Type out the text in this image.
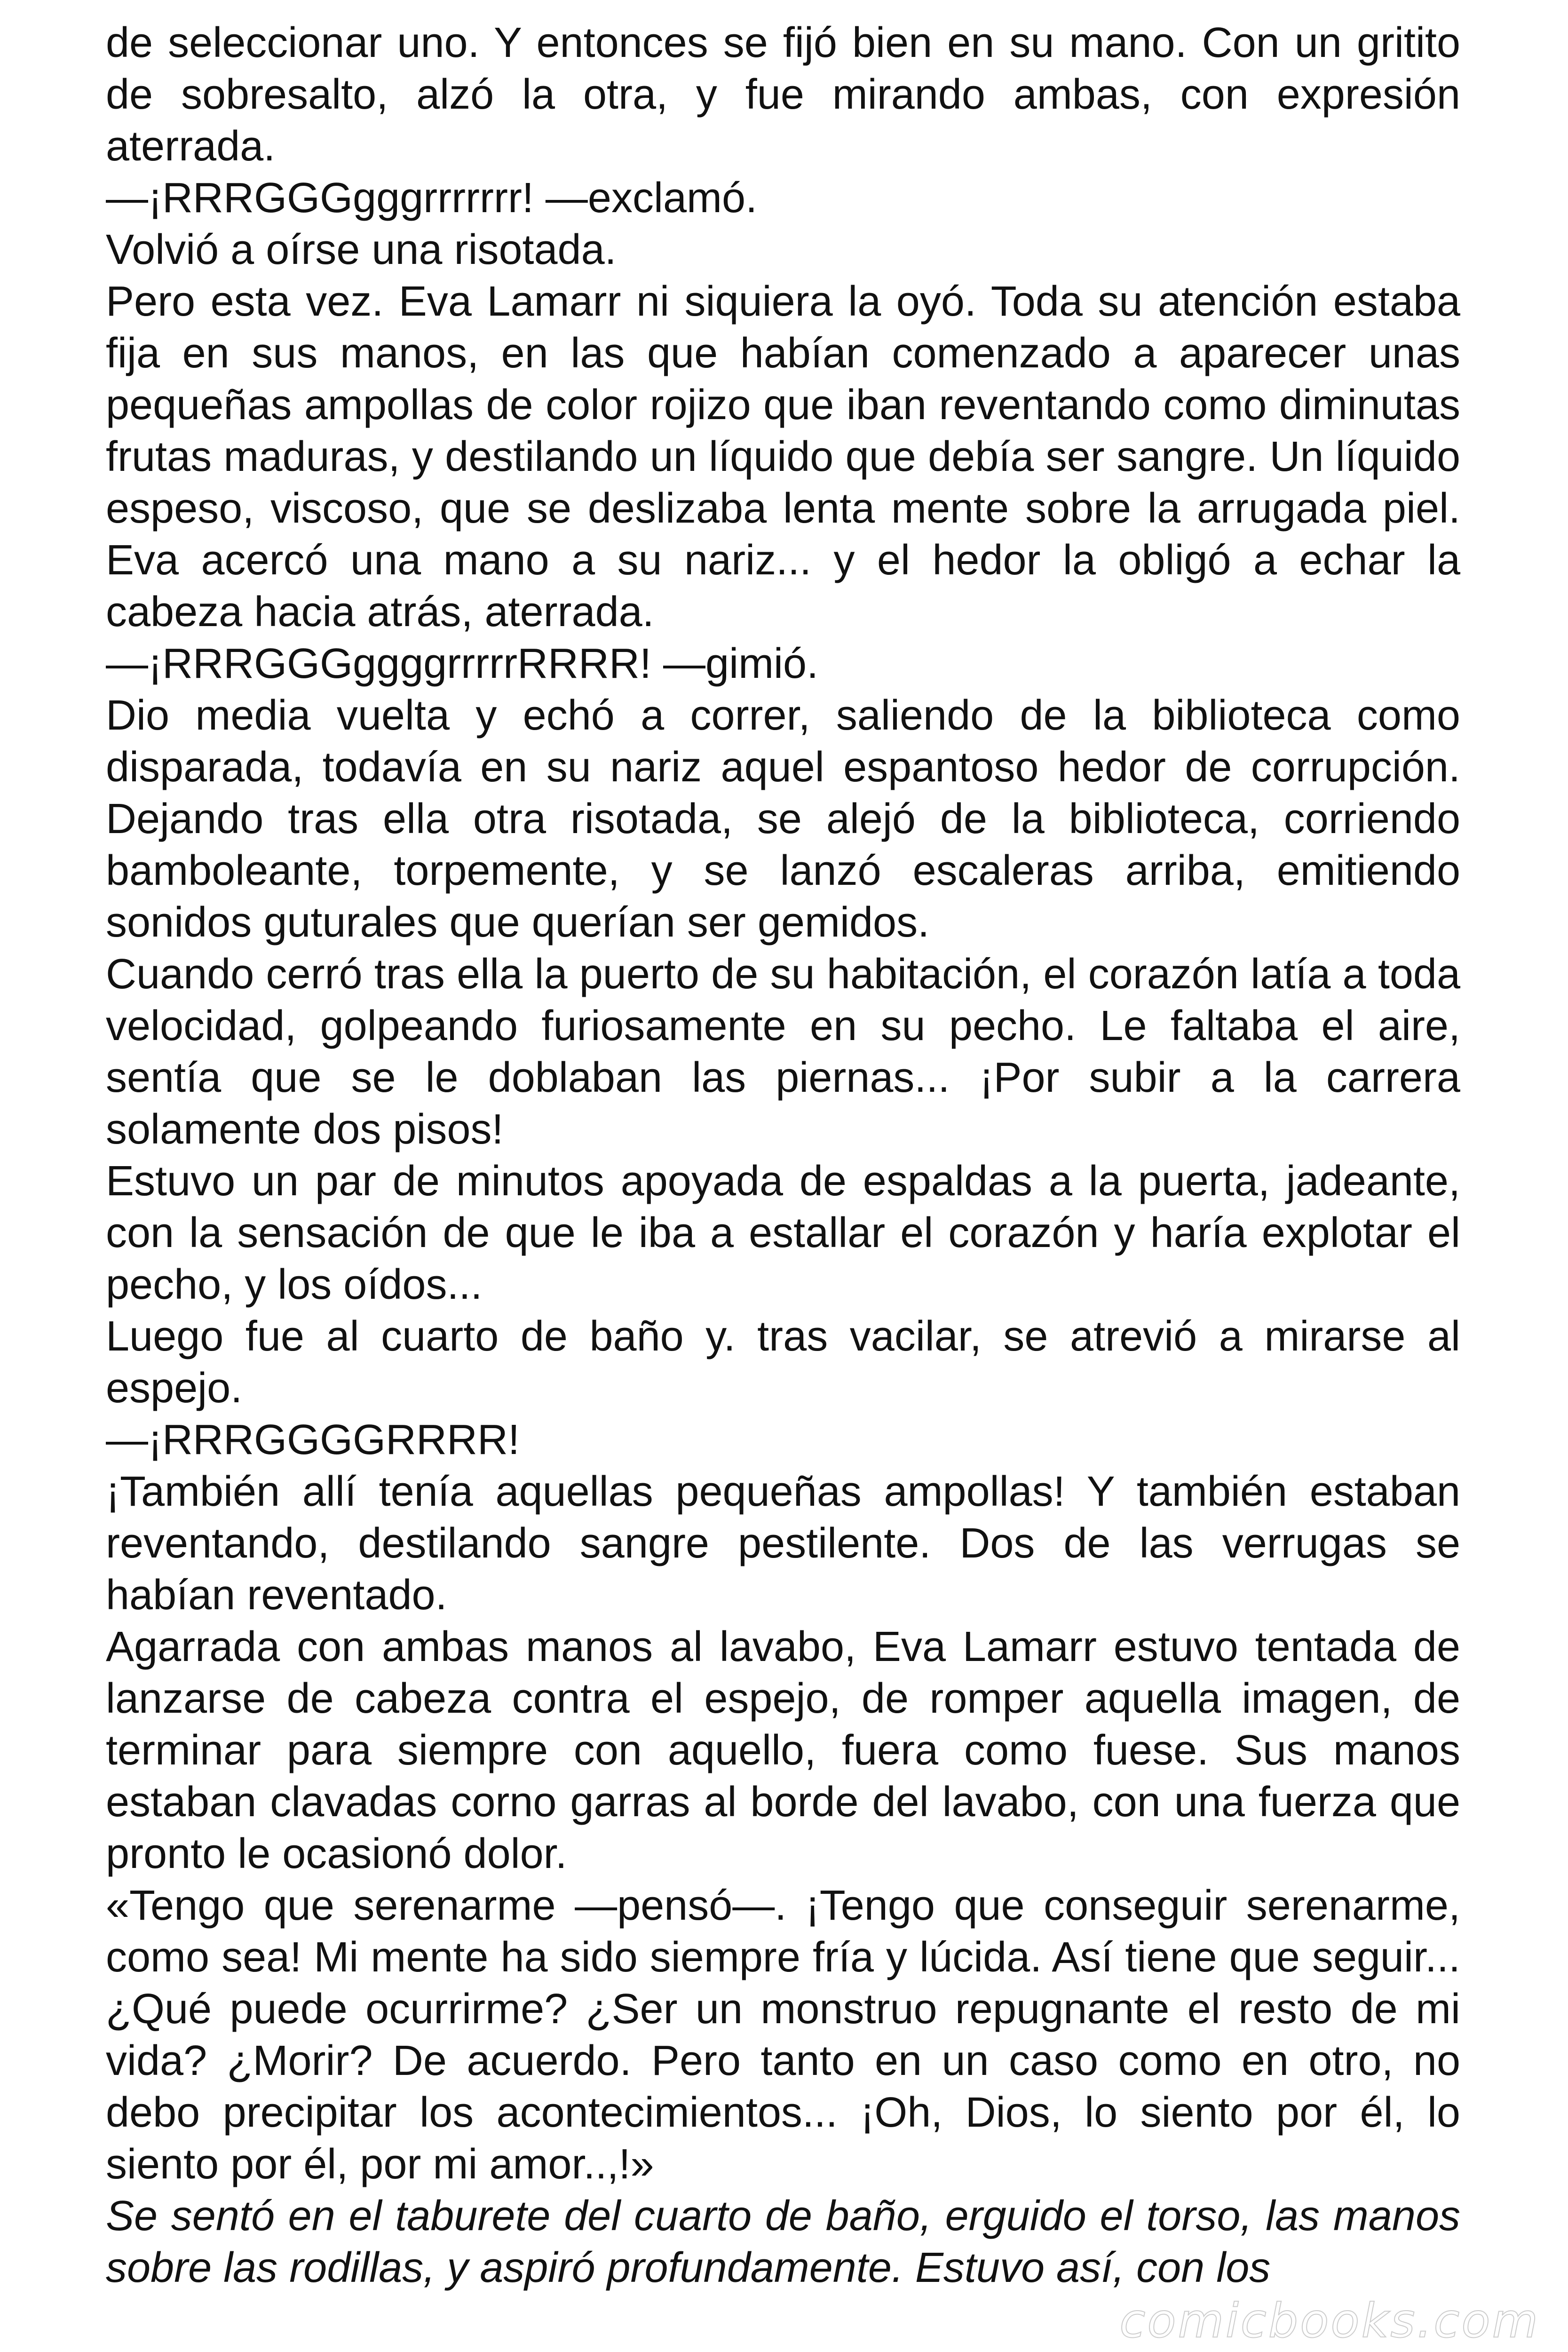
de seleccionar uno. Y entonces se fijó bien en su mano. Con un gritito de sobresalto, alzó la otra, y fue mirando ambas, con expresión aterrada.

—¡RRRGGGgggrrrrrrr! —exclamó.

Volvió a oírse una risotada.

Pero esta vez. Eva Lamarr ni siquiera la oyó. Toda su atención estaba fija en sus manos, en las que habían comenzado a aparecer unas pequeñas ampollas de color rojizo que iban reventando como diminutas frutas maduras, y destilando un líquido que debía ser sangre. Un líquido espeso, viscoso, que se deslizaba lenta mente sobre la arrugada piel. Eva acercó una mano a su nariz... y el hedor la obligó a echar la cabeza hacia atrás, aterrada.

—¡RRRGGGggggrrrrrRRRR! —gimió.

Dio media vuelta y echó a correr, saliendo de la biblioteca como disparada, todavía en su nariz aquel espantoso hedor de corrupción. Dejando tras ella otra risotada, se alejó de la biblioteca, corriendo bamboleante, torpemente, y se lanzó escaleras arriba, emitiendo sonidos guturales que querían ser gemidos.

Cuando cerró tras ella la puerto de su habitación, el corazón latía a toda velocidad, golpeando furiosamente en su pecho. Le faltaba el aire, sentía que se le doblaban las piernas... ¡Por subir a la carrera solamente dos pisos!

Estuvo un par de minutos apoyada de espaldas a la puerta, jadeante, con la sensación de que le iba a estallar el corazón y haría explotar el pecho, y los oídos...

Luego fue al cuarto de baño y. tras vacilar, se atrevió a mirarse al espejo.

—¡RRRGGGGRRRR!

¡También allí tenía aquellas pequeñas ampollas! Y también estaban reventando, destilando sangre pestilente. Dos de las verrugas se habían reventado.

Agarrada con ambas manos al lavabo, Eva Lamarr estuvo tentada de lanzarse de cabeza contra el espejo, de romper aquella imagen, de terminar para siempre con aquello, fuera como fuese. Sus manos estaban clavadas corno garras al borde del lavabo, con una fuerza que pronto le ocasionó dolor.

«Tengo que serenarme —pensó—. ¡Tengo que conseguir serenarme, como sea! Mi mente ha sido siempre fría y lúcida. Así tiene que seguir... ¿Qué puede ocurrirme? ¿Ser un monstruo repugnante el resto de mi vida? ¿Morir? De acuerdo. Pero tanto en un caso como en otro, no debo precipitar los acontecimientos... ¡Oh, Dios, lo siento por él, lo siento por él, por mi amor..,!»

Se sentó en el taburete del cuarto de baño, erguido el torso, las manos sobre las rodillas, y aspiró profundamente. Estuvo así, con los

comicbooks.com
